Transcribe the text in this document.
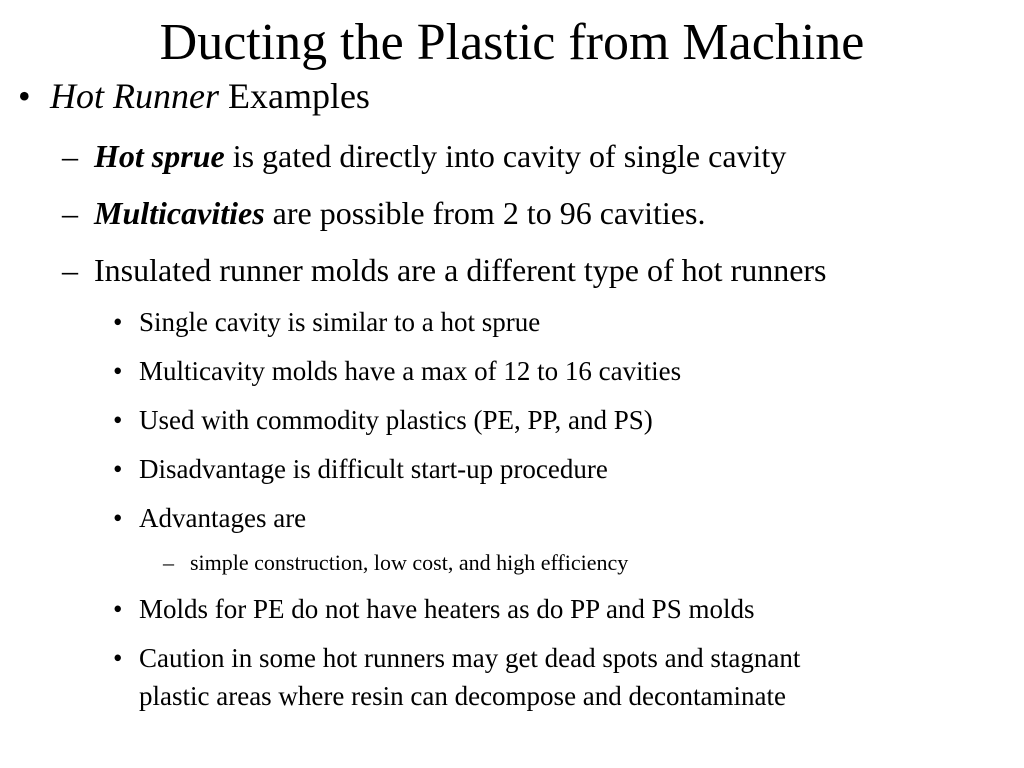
Ducting the Plastic from Machine
• Hot Runner Examples
– Hot sprue is gated directly into cavity of single cavity
– Multicavities are possible from 2 to 96 cavities.
– Insulated runner molds are a different type of hot runners
• Single cavity is similar to a hot sprue
• Multicavity molds have a max of 12 to 16 cavities
• Used with commodity plastics (PE, PP, and PS)
• Disadvantage is difficult start-up procedure
• Advantages are
– simple construction, low cost, and high efficiency
• Molds for PE do not have heaters as do PP and PS molds
• Caution in some hot runners may get dead spots and stagnant
plastic areas where resin can decompose and decontaminate
